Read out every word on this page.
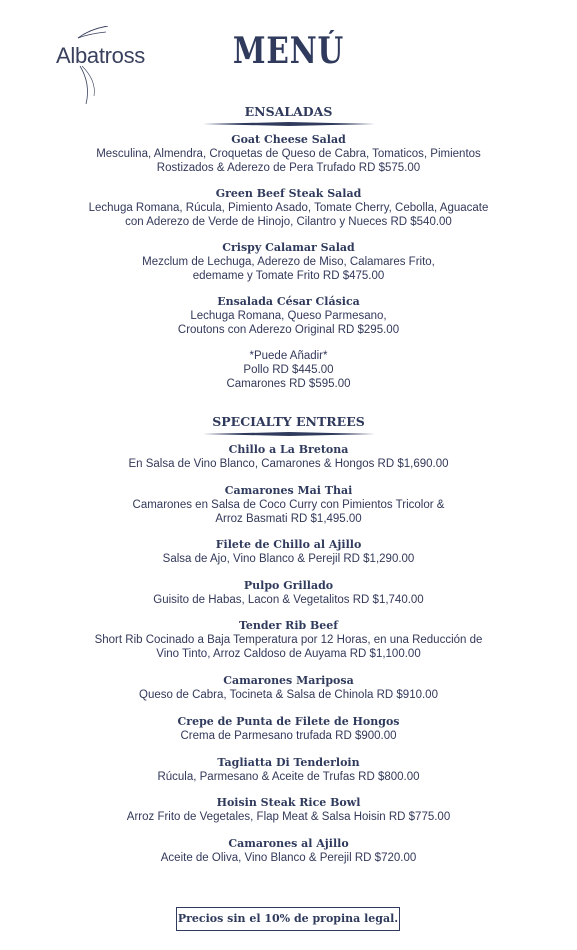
Albatross	MENÚ
ENSALADAS
Goat Cheese Salad
Mesculina, Almendra, Croquetas de Queso de Cabra, Tomaticos, Pimientos
Rostizados & Aderezo de Pera Trufado RD $575.00
Green Beef Steak Salad
Lechuga Romana, Rúcula, Pimiento Asado, Tomate Cherry, Cebolla, Aguacate
con Aderezo de Verde de Hinojo, Cilantro y Nueces RD $540.00
Crispy Calamar Salad
Mezclum de Lechuga, Aderezo de Miso, Calamares Frito,
edemame y Tomate Frito RD $475.00
Ensalada César Clásica
Lechuga Romana, Queso Parmesano,
Croutons con Aderezo Original RD $295.00
*Puede Añadir*
Pollo RD $445.00
Camarones RD $595.00
SPECIALTY ENTREES
Chillo a La Bretona
En Salsa de Vino Blanco, Camarones & Hongos RD $1,690.00
Camarones Mai Thai
Camarones en Salsa de Coco Curry con Pimientos Tricolor &
Arroz Basmati RD $1,495.00
Filete de Chillo al Ajillo
Salsa de Ajo, Vino Blanco & Perejil RD $1,290.00
Pulpo Grillado
Guisito de Habas, Lacon & Vegetalitos RD $1,740.00
Tender Rib Beef
Short Rib Cocinado a Baja Temperatura por 12 Horas, en una Reducción de
Vino Tinto, Arroz Caldoso de Auyama RD $1,100.00
Camarones Mariposa
Queso de Cabra, Tocineta & Salsa de Chinola RD $910.00
Crepe de Punta de Filete de Hongos
Crema de Parmesano trufada RD $900.00
Tagliatta Di Tenderloin
Rúcula, Parmesano & Aceite de Trufas RD $800.00
Hoisin Steak Rice Bowl
Arroz Frito de Vegetales, Flap Meat & Salsa Hoisin RD $775.00
Camarones al Ajillo
Aceite de Oliva, Vino Blanco & Perejil RD $720.00
Precios sin el 10% de propina legal.
